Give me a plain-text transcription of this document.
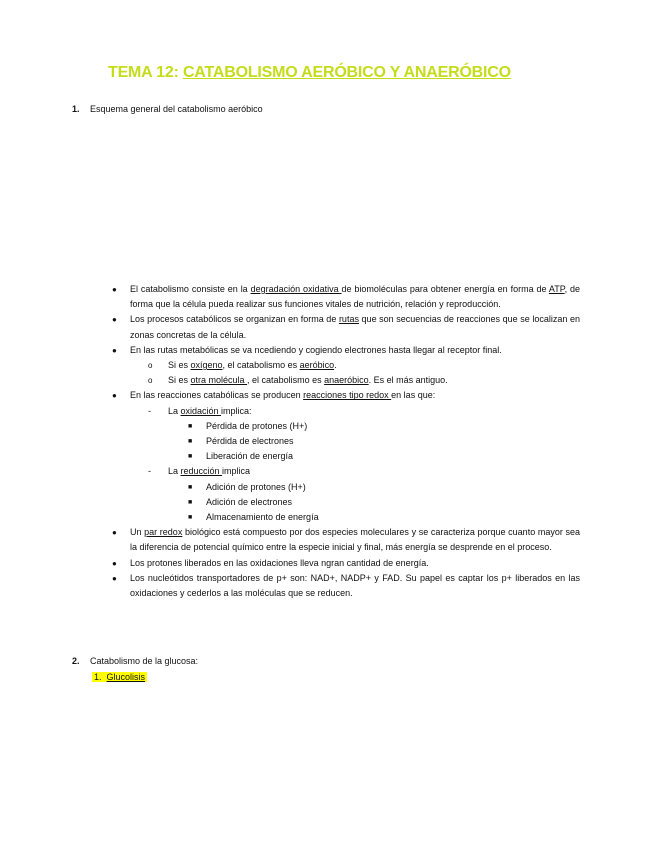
TEMA 12: CATABOLISMO AERÓBICO Y ANAERÓBICO
1. Esquema general del catabolismo aeróbico
● El catabolismo consiste en la degradación oxidativa de biomoléculas para obtener energía en forma de ATP, de forma que la célula pueda realizar sus funciones vitales de nutrición, relación y reproducción.
● Los procesos catabólicos se organizan en forma de rutas que son secuencias de reacciones que se localizan en zonas concretas de la célula.
● En las rutas metabólicas se va ncediendo y cogiendo electrones hasta llegar al receptor final.
o Si es oxígeno, el catabolismo es aeróbico.
o Si es otra molécula , el catabolismo es anaeróbico. Es el más antiguo.
● En las reacciones catabólicas se producen reacciones tipo redox en las que:
- La oxidación implica:
■ Pérdida de protones (H+)
■ Pérdida de electrones
■ Liberación de energía
- La reducción implica
■ Adición de protones (H+)
■ Adición de electrones
■ Almacenamiento de energía
● Un par redox biológico está compuesto por dos especies moleculares y se caracteriza porque cuanto mayor sea la diferencia de potencial químico entre la especie inicial y final, más energía se desprende en el proceso.
● Los protones liberados en las oxidaciones lleva ngran cantidad de energía.
● Los nucleótidos transportadores de p+ son: NAD+, NADP+ y FAD. Su papel es captar los p+ liberados en las oxidaciones y cederlos a las moléculas que se reducen.
2. Catabolismo de la glucosa:
1. Glucolisis
